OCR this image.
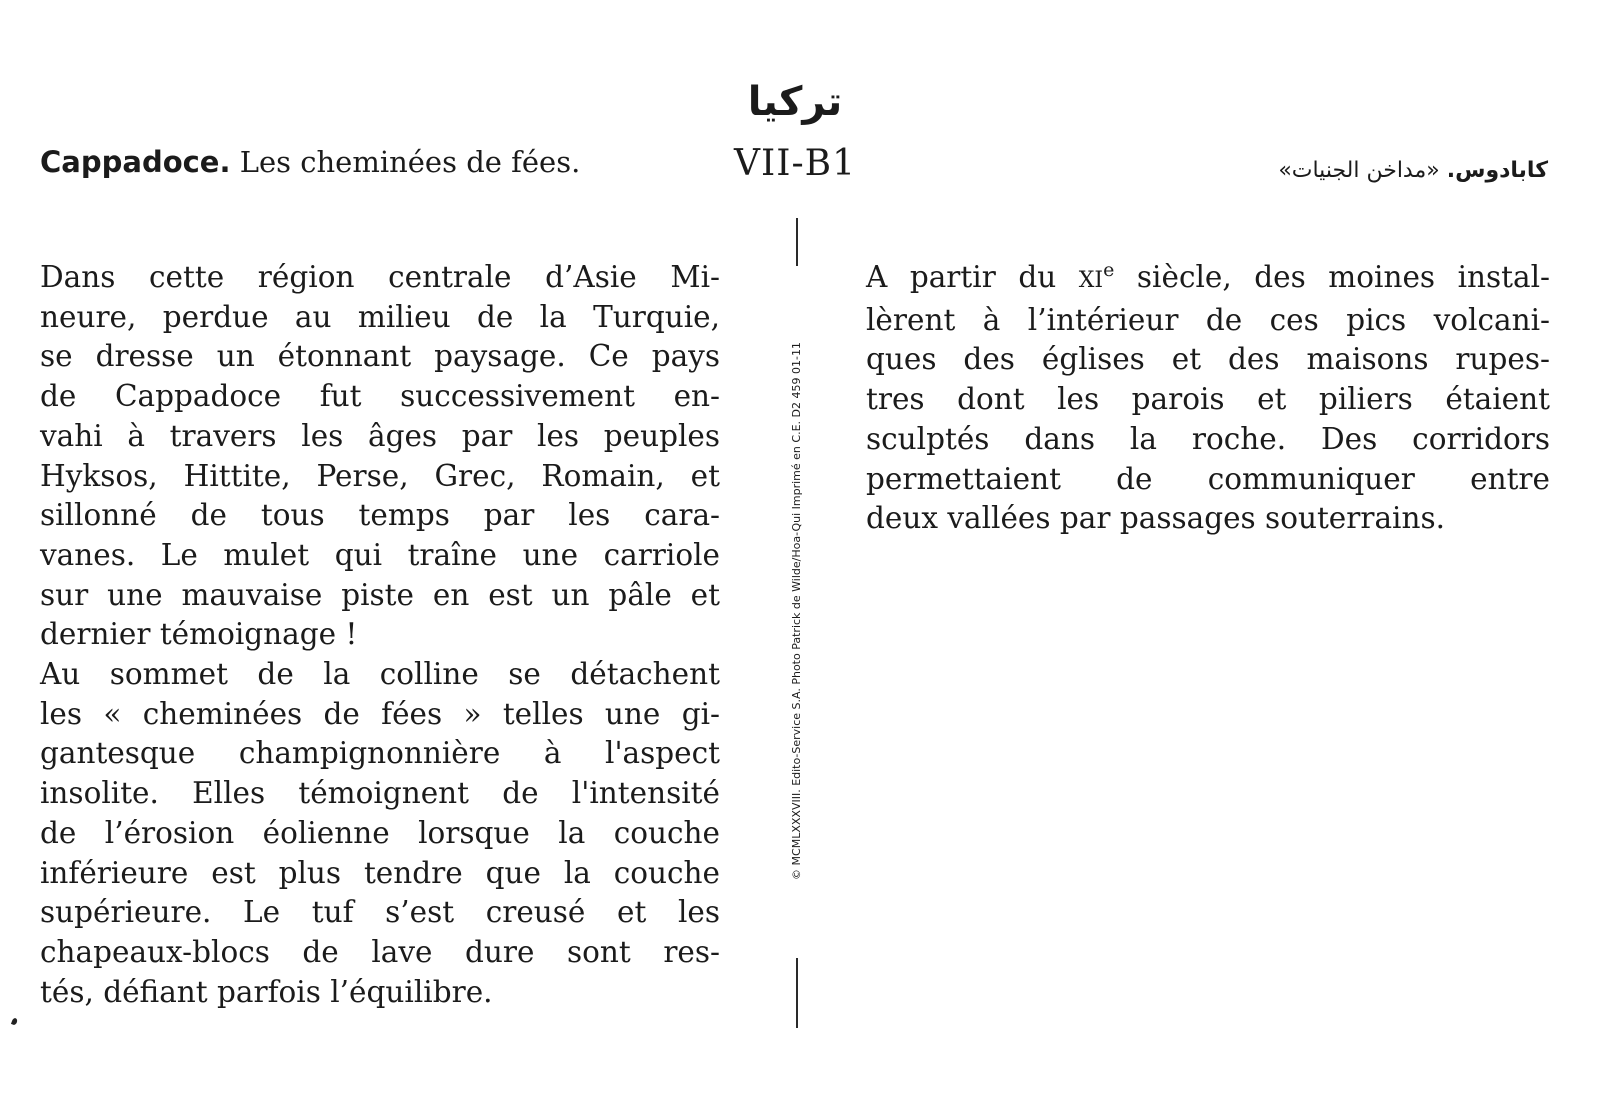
تركيا
VII-B1
Cappadoce. Les cheminées de fées.	كابادوس. «مداخن الجنيات»
Dans cette région centrale d’Asie Mi-
neure, perdue au milieu de la Turquie,
se dresse un étonnant paysage. Ce pays
de Cappadoce fut successivement en-
vahi à travers les âges par les peuples
Hyksos, Hittite, Perse, Grec, Romain, et
sillonné de tous temps par les cara-
vanes. Le mulet qui traîne une carriole
sur une mauvaise piste en est un pâle et
dernier témoignage !
Au sommet de la colline se détachent
les « cheminées de fées » telles une gi-
gantesque champignonnière à l'aspect
insolite. Elles témoignent de l'intensité
de l’érosion éolienne lorsque la couche
inférieure est plus tendre que la couche
supérieure. Le tuf s’est creusé et les
chapeaux-blocs de lave dure sont res-
tés, défiant parfois l’équilibre.
A partir du XIe siècle, des moines instal-
lèrent à l’intérieur de ces pics volcani-
ques des églises et des maisons rupes-
tres dont les parois et piliers étaient
sculptés dans la roche. Des corridors
permettaient de communiquer entre
deux vallées par passages souterrains.
© MCMLXXXVIII. Edito-Service S.A. Photo Patrick de Wilde/Hoa-Qui Imprimé en C.E. D2 459 01-11
